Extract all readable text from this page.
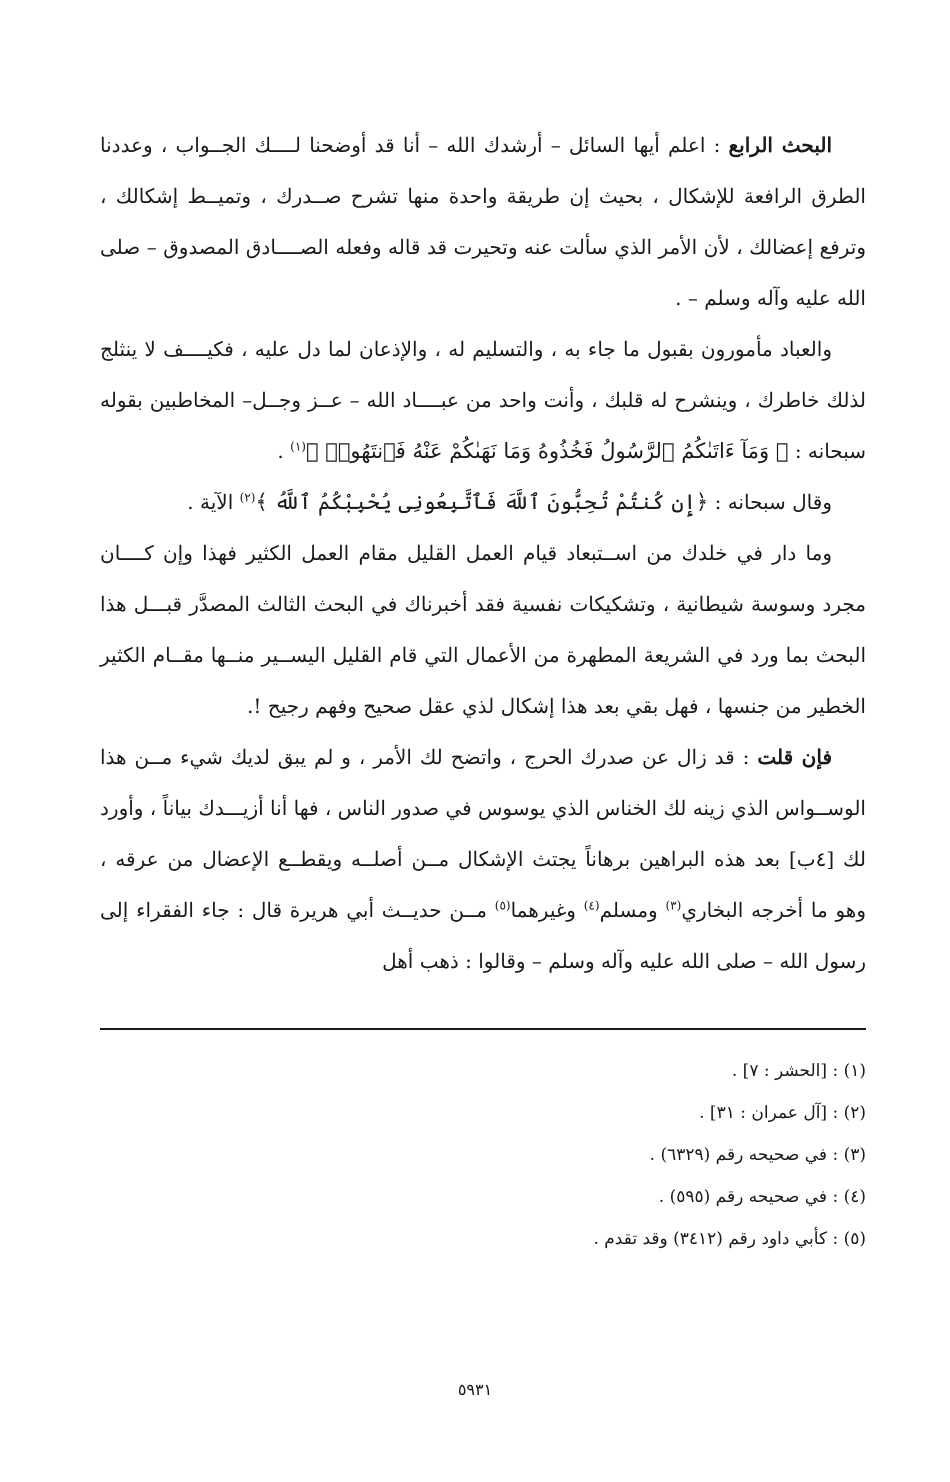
البحث الرابع : اعلم أيها السائل – أرشدك الله – أنا قد أوضحنا لــــك الجــواب ، وعددنا الطرق الرافعة للإشكال ، بحيث إن طريقة واحدة منها تشرح صــدرك ، وتميــط إشكالك ، وترفع إعضالك ، لأن الأمر الذي سألت عنه وتحيرت قد قاله وفعله الصــــادق المصدوق – صلى الله عليه وآله وسلم – .

والعباد مأمورون بقبول ما جاء به ، والتسليم له ، والإذعان لما دل عليه ، فكيــــف لا ينثلج لذلك خاطرك ، وينشرح له قلبك ، وأنت واحد من عبــــاد الله – عــز وجــل– المخاطبين بقوله سبحانه : ﴿ وَمَآ ءَاتَىٰكُمُ ٱلرَّسُولُ فَخُذُوهُ وَمَا نَهَىٰكُمْ عَنْهُ فَٱنتَهُوا۟ ﴾$^{(١)}$ .

وقال سبحانه : ﴿إِن كُنتُمْ تُحِبُّونَ ٱللَّهَ فَٱتَّبِعُونِى يُحْبِبْكُمُ ٱللَّهُ ﴾$^{(٢)}$ الآية .

وما دار في خلدك من اســتبعاد قيام العمل القليل مقام العمل الكثير فهذا وإن كــــان مجرد وسوسة شيطانية ، وتشكيكات نفسية فقد أخبرناك في البحث الثالث المصدَّر قبـــل هذا البحث بما ورد في الشريعة المطهرة من الأعمال التي قام القليل اليســير منــها مقــام الكثير الخطير من جنسها ، فهل بقي بعد هذا إشكال لذي عقل صحيح وفهم رجيح !.

فإن قلت : قد زال عن صدرك الحرج ، واتضح لك الأمر ، و لم يبق لديك شيء مــن هذا الوســواس الذي زينه لك الخناس الذي يوسوس في صدور الناس ، فها أنا أزيـــدك بياناً ، وأورد لك [٤ب] بعد هذه البراهين برهاناً يجتث الإشكال مــن أصلــه ويقطــع الإعضال من عرقه ، وهو ما أخرجه البخاري$^{(٣)}$ ومسلم$^{(٤)}$ وغيرهما$^{(٥)}$ مــن حديــث أبي هريرة قال : جاء الفقراء إلى رسول الله – صلى الله عليه وآله وسلم – وقالوا : ذهب أهل

(١) : [الحشر : ٧] .

(٢) : [آل عمران : ٣١] .

(٣) : في صحيحه رقم (٦٣٢٩) .

(٤) : في صحيحه رقم (٥٩٥) .

(٥) : كأبي داود رقم (٣٤١٢) وقد تقدم .

٥٩٣١
